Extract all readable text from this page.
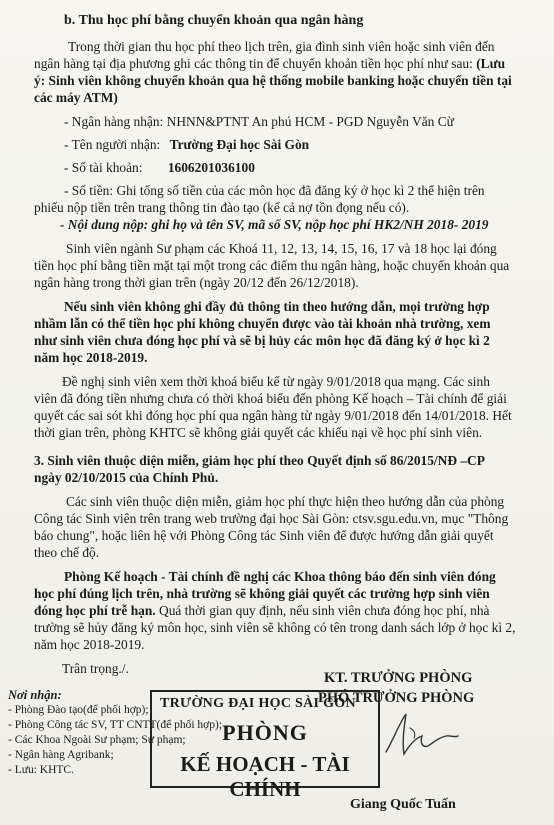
b. Thu học phí bằng chuyển khoản qua ngân hàng
Trong thời gian thu học phí theo lịch trên, gia đình sinh viên hoặc sinh viên đến
ngân hàng tại địa phương ghi các thông tin để chuyển khoản tiền học phí như sau: (Lưu
ý: Sinh viên không chuyển khoản qua hệ thống mobile banking hoặc chuyển tiền tại
các máy ATM)
- Ngân hàng nhận: NHNN&PTNT An phú HCM - PGD Nguyễn Văn Cừ
- Tên người nhận: Trường Đại học Sài Gòn
- Số tài khoản: 1606201036100
- Số tiền: Ghi tổng số tiền của các môn học đã đăng ký ở học kì 2 thể hiện trên
phiếu nộp tiền trên trang thông tin đào tạo (kể cả nợ tồn đọng nếu có).
- Nội dung nộp: ghi họ và tên SV, mã số SV, nộp học phí HK2/NH 2018- 2019
Sinh viên ngành Sư phạm các Khoá 11, 12, 13, 14, 15, 16, 17 và 18 học lại đóng
tiền học phí bằng tiền mặt tại một trong các điểm thu ngân hàng, hoặc chuyển khoản qua
ngân hàng trong thời gian trên (ngày 20/12 đến 26/12/2018).
Nếu sinh viên không ghi đầy đủ thông tin theo hướng dẫn, mọi trường hợp
nhầm lẫn có thể tiền học phí không chuyển được vào tài khoản nhà trường, xem
như sinh viên chưa đóng học phí và sẽ bị hủy các môn học đã đăng ký ở học kì 2
năm học 2018-2019.
Đề nghị sinh viên xem thời khoá biểu kể từ ngày 9/01/2018 qua mạng. Các sinh
viên đã đóng tiền nhưng chưa có thời khoá biểu đến phòng Kế hoạch – Tài chính để giải
quyết các sai sót khi đóng học phí qua ngân hàng từ ngày 9/01/2018 đến 14/01/2018. Hết
thời gian trên, phòng KHTC sẽ không giải quyết các khiếu nại về học phí sinh viên.
3. Sinh viên thuộc diện miễn, giảm học phí theo Quyết định số 86/2015/NĐ –CP
ngày 02/10/2015 của Chính Phủ.
Các sinh viên thuộc diện miễn, giảm học phí thực hiện theo hướng dẫn của phòng
Công tác Sinh viên trên trang web trường đại học Sài Gòn: ctsv.sgu.edu.vn, mục "Thông
báo chung", hoặc liên hệ với Phòng Công tác Sinh viên để được hướng dẫn giải quyết
theo chế độ.
Phòng Kế hoạch - Tài chính đề nghị các Khoa thông báo đến sinh viên đóng
học phí đúng lịch trên, nhà trường sẽ không giải quyết các trường hợp sinh viên
đóng học phí trễ hạn. Quá thời gian quy định, nếu sinh viên chưa đóng học phí, nhà
trường sẽ hủy đăng ký môn học, sinh viên sẽ không có tên trong danh sách lớp ở học kì 2,
năm học 2018-2019.
Trân trọng./.
Nơi nhận:
- Phòng Đào tạo(để phối hợp);
- Phòng Công tác SV, TT CNTT(để phối hợp);
- Các Khoa Ngoài Sư phạm; Sư phạm;
- Ngân hàng Agribank;
- Lưu: KHTC.
KT. TRƯỞNG PHÒNG
PHÓ TRƯỞNG PHÒNG
TRƯỜNG ĐẠI HỌC SÀI GÒN
PHÒNG
KẾ HOẠCH - TÀI CHÍNH
Giang Quốc Tuấn
